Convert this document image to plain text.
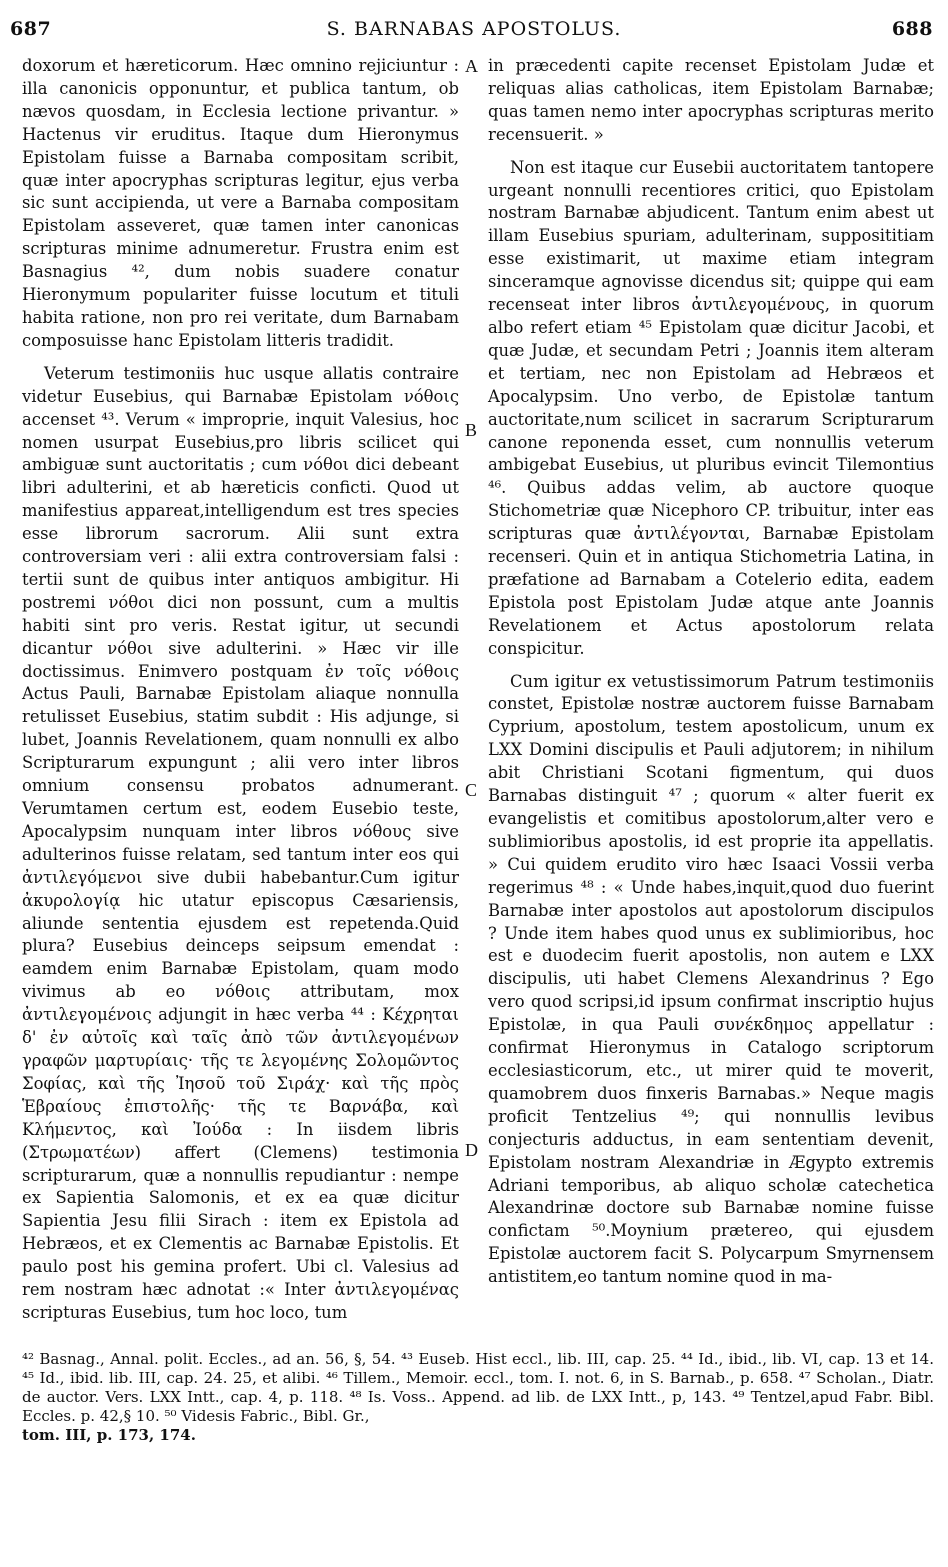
687	S. BARNABAS APOSTOLUS.	688

doxorum et hæreticorum. Hæc omnino rejiciuntur : illa canonicis opponuntur, et publica tantum, ob nævos quosdam, in Ecclesia lectione privantur. » Hactenus vir eruditus. Itaque dum Hieronymus Epistolam fuisse a Barnaba compositam scribit, quæ inter apocryphas scripturas legitur, ejus verba sic sunt accipienda, ut vere a Barnaba compositam Epistolam asseveret, quæ tamen inter canonicas scripturas minime adnumeretur. Frustra enim est Basnagius ⁴², dum nobis suadere conatur Hieronymum populariter fuisse locutum et tituli habita ratione, non pro rei veritate, dum Barnabam composuisse hanc Epistolam litteris tradidit.

Veterum testimoniis huc usque allatis contraire videtur Eusebius, qui Barnabæ Epistolam νόθοις accenset ⁴³. Verum « improprie, inquit Valesius, hoc nomen usurpat Eusebius,pro libris scilicet qui ambiguæ sunt auctoritatis ; cum νόθοι dici debeant libri adulterini, et ab hæreticis conficti. Quod ut manifestius appareat,intelligendum est tres species esse librorum sacrorum. Alii sunt extra controversiam veri : alii extra controversiam falsi : tertii sunt de quibus inter antiquos ambigitur. Hi postremi νόθοι dici non possunt, cum a multis habiti sint pro veris. Restat igitur, ut secundi dicantur νόθοι sive adulterini. » Hæc vir ille doctissimus. Enimvero postquam ἐν τοῖς νόθοις Actus Pauli, Barnabæ Epistolam aliaque nonnulla retulisset Eusebius, statim subdit : His adjunge, si lubet, Joannis Revelationem, quam nonnulli ex albo Scripturarum expungunt ; alii vero inter libros omnium consensu probatos adnumerant. Verumtamen certum est, eodem Eusebio teste, Apocalypsim nunquam inter libros νόθους sive adulterinos fuisse relatam, sed tantum inter eos qui ἀντιλεγόμενοι sive dubii habebantur.Cum igitur ἀκυρολογίᾳ hic utatur episcopus Cæsariensis, aliunde sententia ejusdem est repetenda.Quid plura? Eusebius deinceps seipsum emendat : eamdem enim Barnabæ Epistolam, quam modo vivimus ab eo νόθοις attributam, mox ἀντιλεγομένοις adjungit in hæc verba ⁴⁴ : Κέχρηται δ' ἐν αὐτοῖς καὶ ταῖς ἀπὸ τῶν ἀντιλεγομένων γραφῶν μαρτυρίαις· τῆς τε λεγομένης Σολομῶντος Σοφίας, καὶ τῆς Ἰησοῦ τοῦ Σιράχ· καὶ τῆς πρὸς Ἑβραίους ἐπιστολῆς· τῆς τε Βαρνάβα, καὶ Κλήμεντος, καὶ Ἰούδα : In iisdem libris (Στρωματέων) affert (Clemens) testimonia scripturarum, quæ a nonnullis repudiantur : nempe ex Sapientia Salomonis, et ex ea quæ dicitur Sapientia Jesu filii Sirach : item ex Epistola ad Hebræos, et ex Clementis ac Barnabæ Epistolis. Et paulo post his gemina profert. Ubi cl. Valesius ad rem nostram hæc adnotat :« Inter ἀντιλεγομένας scripturas Eusebius, tum hoc loco, tum

A
B
C
D

in præcedenti capite recenset Epistolam Judæ et reliquas alias catholicas, item Epistolam Barnabæ; quas tamen nemo inter apocryphas scripturas merito recensuerit. »

Non est itaque cur Eusebii auctoritatem tantopere urgeant nonnulli recentiores critici, quo Epistolam nostram Barnabæ abjudicent. Tantum enim abest ut illam Eusebius spuriam, adulterinam, supposititiam esse existimarit, ut maxime etiam integram sinceramque agnovisse dicendus sit; quippe qui eam recenseat inter libros ἀντιλεγομένους, in quorum albo refert etiam ⁴⁵ Epistolam quæ dicitur Jacobi, et quæ Judæ, et secundam Petri ; Joannis item alteram et tertiam, nec non Epistolam ad Hebræos et Apocalypsim. Uno verbo, de Epistolæ tantum auctoritate,num scilicet in sacrarum Scripturarum canone reponenda esset, cum nonnullis veterum ambigebat Eusebius, ut pluribus evincit Tilemontius ⁴⁶. Quibus addas velim, ab auctore quoque Stichometriæ quæ Nicephoro CP. tribuitur, inter eas scripturas quæ ἀντιλέγονται, Barnabæ Epistolam recenseri. Quin et in antiqua Stichometria Latina, in præfatione ad Barnabam a Cotelerio edita, eadem Epistola post Epistolam Judæ atque ante Joannis Revelationem et Actus apostolorum relata conspicitur.

Cum igitur ex vetustissimorum Patrum testimoniis constet, Epistolæ nostræ auctorem fuisse Barnabam Cyprium, apostolum, testem apostolicum, unum ex LXX Domini discipulis et Pauli adjutorem; in nihilum abit Christiani Scotani figmentum, qui duos Barnabas distinguit ⁴⁷ ; quorum « alter fuerit ex evangelistis et comitibus apostolorum,alter vero e sublimioribus apostolis, id est proprie ita appellatis. » Cui quidem erudito viro hæc Isaaci Vossii verba regerimus ⁴⁸ : « Unde habes,inquit,quod duo fuerint Barnabæ inter apostolos aut apostolorum discipulos ? Unde item habes quod unus ex sublimioribus, hoc est e duodecim fuerit apostolis, non autem e LXX discipulis, uti habet Clemens Alexandrinus ? Ego vero quod scripsi,id ipsum confirmat inscriptio hujus Epistolæ, in qua Pauli συνέκδημος appellatur : confirmat Hieronymus in Catalogo scriptorum ecclesiasticorum, etc., ut mirer quid te moverit, quamobrem duos finxeris Barnabas.» Neque magis proficit Tentzelius ⁴⁹; qui nonnullis levibus conjecturis adductus, in eam sententiam devenit, Epistolam nostram Alexandriæ in Ægypto extremis Adriani temporibus, ab aliquo scholæ catechetica Alexandrinæ doctore sub Barnabæ nomine fuisse confictam ⁵⁰.Moynium prætereo, qui ejusdem Epistolæ auctorem facit S. Polycarpum Smyrnensem antistitem,eo tantum nomine quod in ma-

⁴² Basnag., Annal. polit. Eccles., ad an. 56, §, 54. ⁴³ Euseb. Hist eccl., lib. III, cap. 25. ⁴⁴ Id., ibid., lib. VI, cap. 13 et 14. ⁴⁵ Id., ibid. lib. III, cap. 24. 25, et alibi. ⁴⁶ Tillem., Memoir. eccl., tom. I. not. 6, in S. Barnab., p. 658. ⁴⁷ Scholan., Diatr. de auctor. Vers. LXX Intt., cap. 4, p. 118. ⁴⁸ Is. Voss.. Append. ad lib. de LXX Intt., p, 143. ⁴⁹ Tentzel,apud Fabr. Bibl. Eccles. p. 42,§ 10. ⁵⁰ Videsis Fabric., Bibl. Gr.,

tom. III, p. 173, 174.
